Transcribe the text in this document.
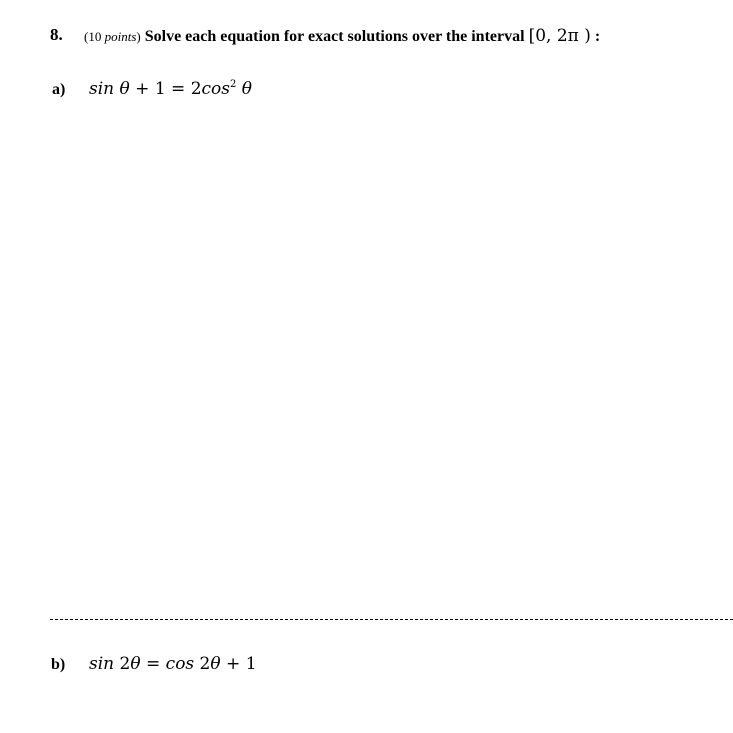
8. (10 points) Solve each equation for exact solutions over the interval [0, 2π ) :
a) $\sin \theta + 1 = 2\cos^2$ θ
b) sin 2θ = cos 2θ + 1
